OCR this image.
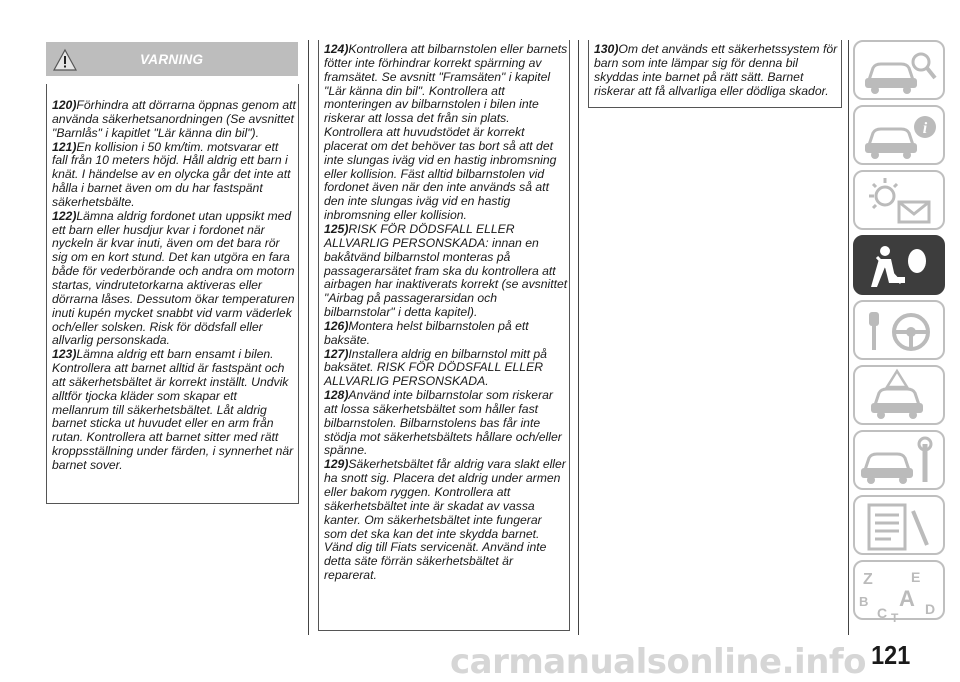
VARNING

120)Förhindra att dörrarna öppnas genom att använda säkerhetsanordningen (Se avsnittet "Barnlås" i kapitlet "Lär känna din bil").

121)En kollision i 50 km/tim. motsvarar ett fall från 10 meters höjd. Håll aldrig ett barn i knät. I händelse av en olycka går det inte att hålla i barnet även om du har fastspänt säkerhetsbälte.

122)Lämna aldrig fordonet utan uppsikt med ett barn eller husdjur kvar i fordonet när nyckeln är kvar inuti, även om det bara rör sig om en kort stund. Det kan utgöra en fara både för vederbörande och andra om motorn startas, vindrutetorkarna aktiveras eller dörrarna låses. Dessutom ökar temperaturen inuti kupén mycket snabbt vid varm väderlek och/eller solsken. Risk för dödsfall eller allvarlig personskada.

123)Lämna aldrig ett barn ensamt i bilen. Kontrollera att barnet alltid är fastspänt och att säkerhetsbältet är korrekt inställt. Undvik alltför tjocka kläder som skapar ett mellanrum till säkerhetsbältet. Låt aldrig barnet sticka ut huvudet eller en arm från rutan. Kontrollera att barnet sitter med rätt kroppsställning under färden, i synnerhet när barnet sover.

124)Kontrollera att bilbarnstolen eller barnets fötter inte förhindrar korrekt spärrning av framsätet. Se avsnitt "Framsäten" i kapitel "Lär känna din bil". Kontrollera att monteringen av bilbarnstolen i bilen inte riskerar att lossa det från sin plats. Kontrollera att huvudstödet är korrekt placerat om det behöver tas bort så att det inte slungas iväg vid en hastig inbromsning eller kollision. Fäst alltid bilbarnstolen vid fordonet även när den inte används så att den inte slungas iväg vid en hastig inbromsning eller kollision.

125)RISK FÖR DÖDSFALL ELLER ALLVARLIG PERSONSKADA: innan en bakåtvänd bilbarnstol monteras på passagerarsätet fram ska du kontrollera att airbagen har inaktiverats korrekt (se avsnittet "Airbag på passagerarsidan och bilbarnstolar" i detta kapitel).

126)Montera helst bilbarnstolen på ett baksäte.

127)Installera aldrig en bilbarnstol mitt på baksätet. RISK FÖR DÖDSFALL ELLER ALLVARLIG PERSONSKADA.

128)Använd inte bilbarnstolar som riskerar att lossa säkerhetsbältet som håller fast bilbarnstolen. Bilbarnstolens bas får inte stödja mot säkerhetsbältets hållare och/eller spänne.

129)Säkerhetsbältet får aldrig vara slakt eller ha snott sig. Placera det aldrig under armen eller bakom ryggen. Kontrollera att säkerhetsbältet inte är skadat av vassa kanter. Om säkerhetsbältet inte fungerar som det ska kan det inte skydda barnet. Vänd dig till Fiats servicenät. Använd inte detta säte förrän säkerhetsbältet är reparerat.

130)Om det används ett säkerhetssystem för barn som inte lämpar sig för denna bil skyddas inte barnet på rätt sätt. Barnet riskerar att få allvarliga eller dödliga skador.

i
Z	E
B A
C	D
T
carmanualsonline.info 121
